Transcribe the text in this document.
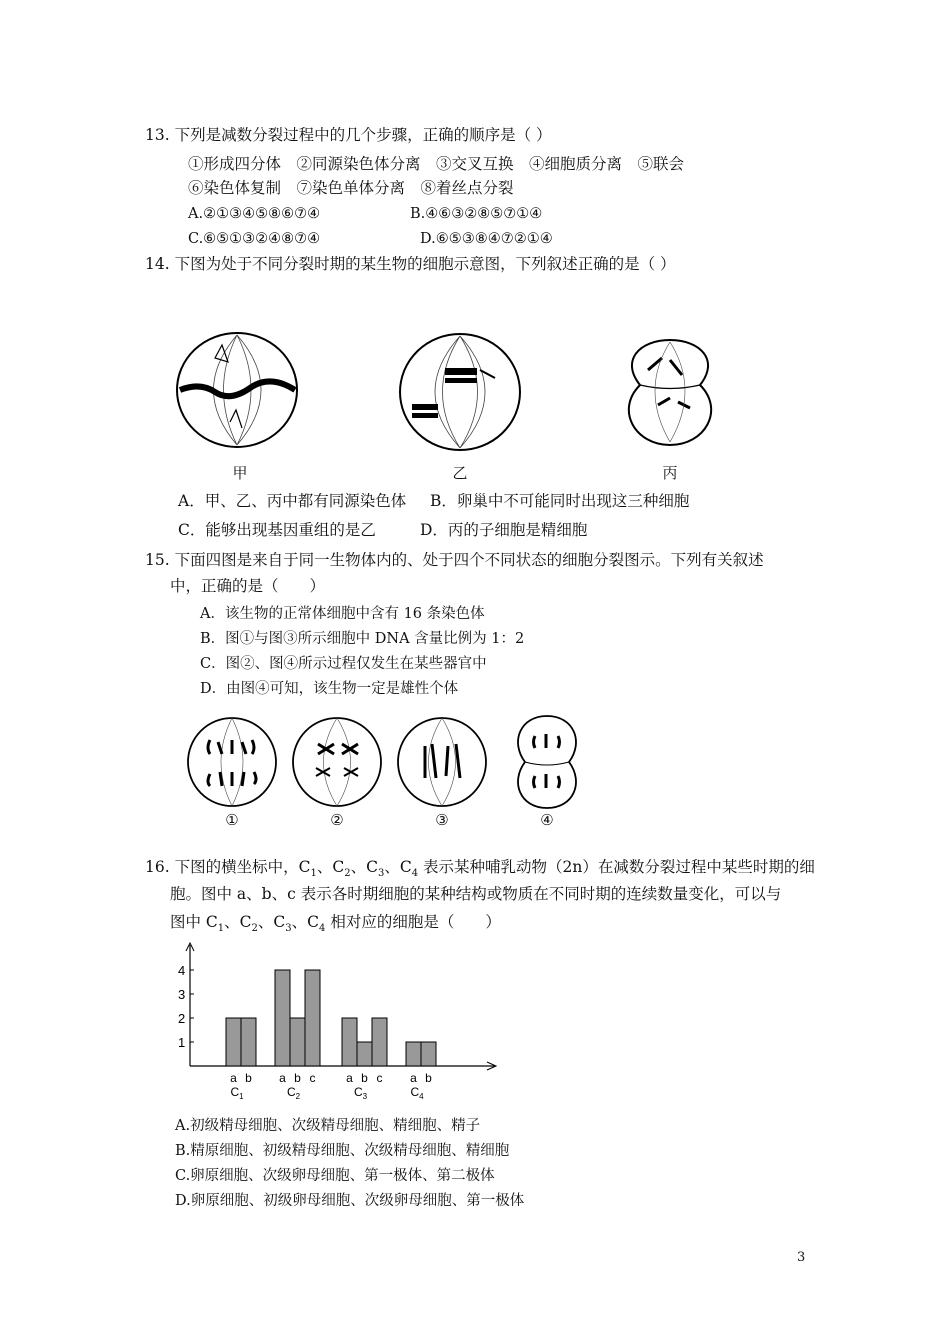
13. 下列是减数分裂过程中的几个步骤，正确的顺序是（ ）
①形成四分体　②同源染色体分离　③交叉互换　④细胞质分离　⑤联会
⑥染色体复制　⑦染色单体分离　⑧着丝点分裂
A.②①③④⑤⑧⑥⑦④	B.④⑥③②⑧⑤⑦①④
C.⑥⑤①③②④⑧⑦④	D.⑥⑤③⑧④⑦②①④
14. 下图为处于不同分裂时期的某生物的细胞示意图，下列叙述正确的是（ ）
甲	乙	丙
A．甲、乙、丙中都有同源染色体 B．卵巢中不可能同时出现这三种细胞
C．能够出现基因重组的是乙	D．丙的子细胞是精细胞
15. 下面四图是来自于同一生物体内的、处于四个不同状态的细胞分裂图示。下列有关叙述
中，正确的是（　　）
A．该生物的正常体细胞中含有 16 条染色体
B．图①与图③所示细胞中 DNA 含量比例为 1：2
C．图②、图④所示过程仅发生在某些器官中
D．由图④可知，该生物一定是雄性个体
①	②	③	④
16. 下图的横坐标中，$C_1$、$C_2$、$C_3$、$C_4$ 表示某种哺乳动物（2n）在减数分裂过程中某些时期的细
胞。图中 a、b、c 表示各时期细胞的某种结构或物质在不同时期的连续数量变化，可以与
图中 $C_1$、$C_2$、$C_3$、$C_4$ 相对应的细胞是（　　）
1
2
3
4
a b
$C_1$
a b c
$C_2$
a b c
$C_3$
a b
$C_4$
A.初级精母细胞、次级精母细胞、精细胞、精子
B.精原细胞、初级精母细胞、次级精母细胞、精细胞
C.卵原细胞、次级卵母细胞、第一极体、第二极体
D.卵原细胞、初级卵母细胞、次级卵母细胞、第一极体
3
